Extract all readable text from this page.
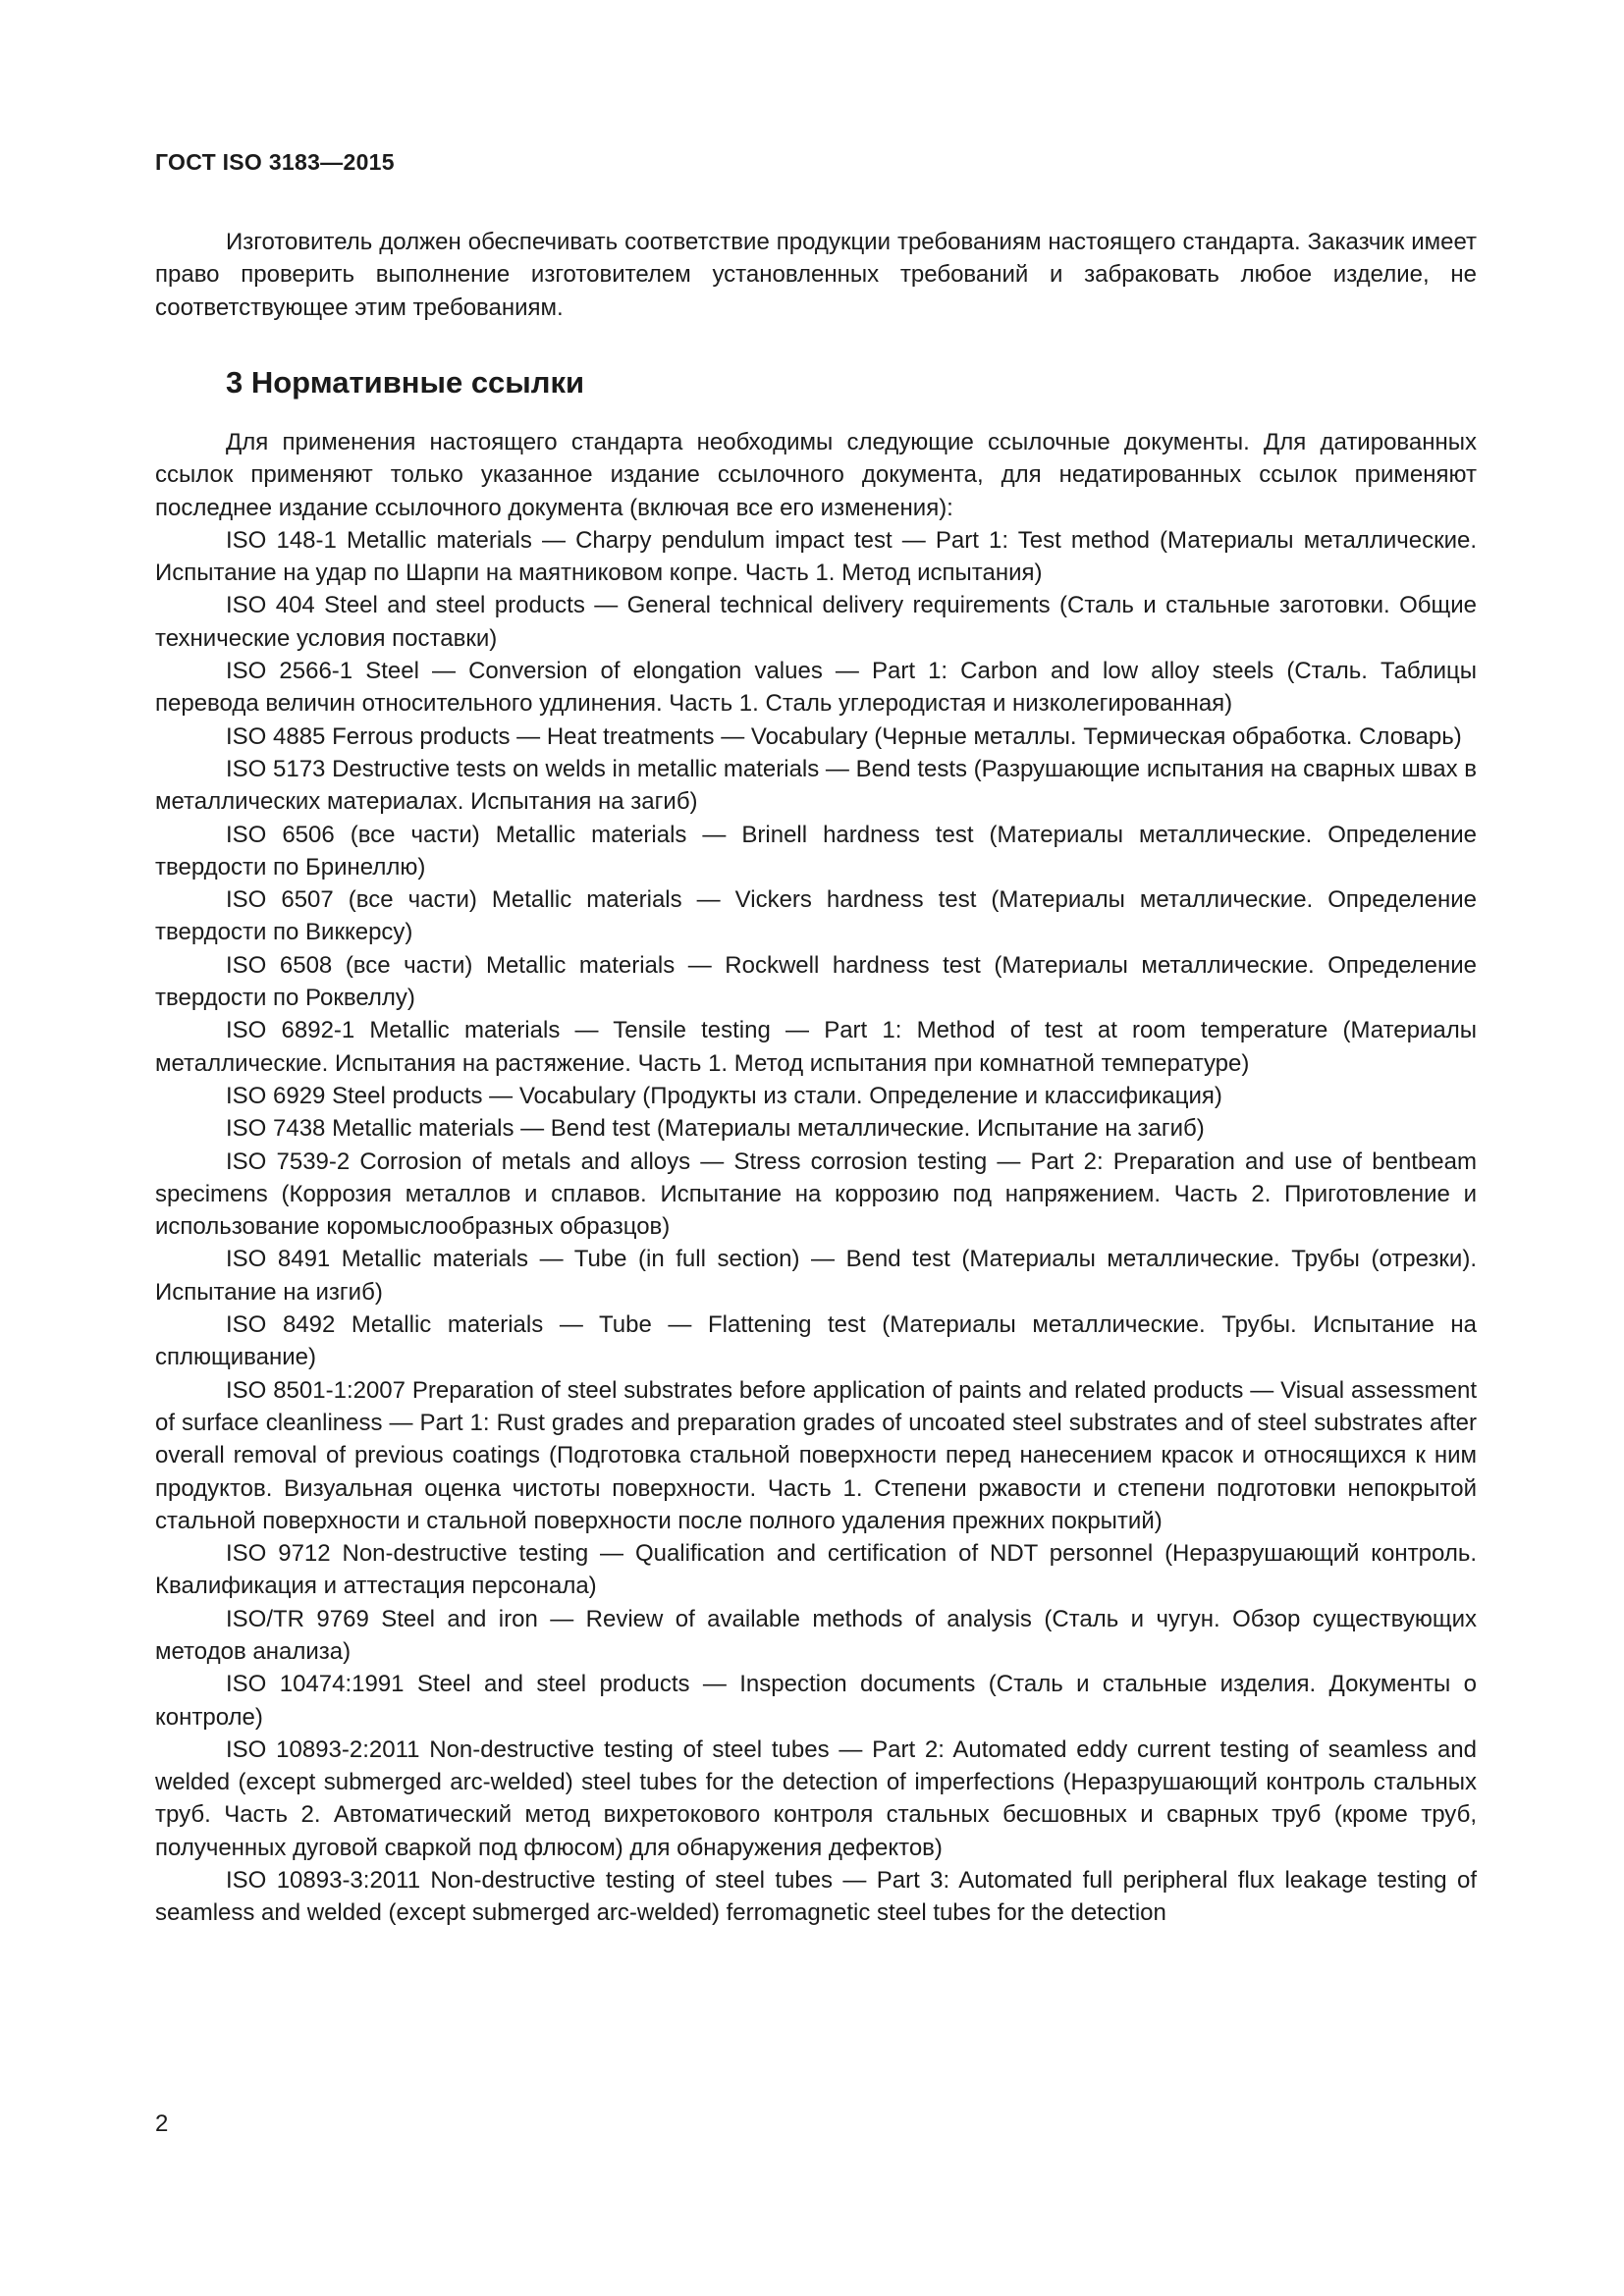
ГОСТ ISO 3183—2015

Изготовитель должен обеспечивать соответствие продукции требованиям настоящего стандарта. Заказчик имеет право проверить выполнение изготовителем установленных требований и забраковать любое изделие, не соответствующее этим требованиям.

3 Нормативные ссылки

Для применения настоящего стандарта необходимы следующие ссылочные документы. Для датированных ссылок применяют только указанное издание ссылочного документа, для недатированных ссылок применяют последнее издание ссылочного документа (включая все его изменения):

ISO 148-1 Metallic materials — Charpy pendulum impact test — Part 1: Test method (Материалы металлические. Испытание на удар по Шарпи на маятниковом копре. Часть 1. Метод испытания)

ISO 404 Steel and steel products — General technical delivery requirements (Сталь и стальные заготовки. Общие технические условия поставки)

ISO 2566-1 Steel — Conversion of elongation values — Part 1: Carbon and low alloy steels (Сталь. Таблицы перевода величин относительного удлинения. Часть 1. Сталь углеродистая и низколегированная)

ISO 4885 Ferrous products — Heat treatments — Vocabulary (Черные металлы. Термическая обработка. Словарь)

ISO 5173 Destructive tests on welds in metallic materials — Bend tests (Разрушающие испытания на сварных швах в металлических материалах. Испытания на загиб)

ISO 6506 (все части) Metallic materials — Brinell hardness test (Материалы металлические. Определение твердости по Бринеллю)

ISO 6507 (все части) Metallic materials — Vickers hardness test (Материалы металлические. Определение твердости по Виккерсу)

ISO 6508 (все части) Metallic materials — Rockwell hardness test (Материалы металлические. Определение твердости по Роквеллу)

ISO 6892-1 Metallic materials — Tensile testing — Part 1: Method of test at room temperature (Материалы металлические. Испытания на растяжение. Часть 1. Метод испытания при комнатной температуре)

ISO 6929 Steel products — Vocabulary (Продукты из стали. Определение и классификация)

ISO 7438 Metallic materials — Bend test (Материалы металлические. Испытание на загиб)

ISO 7539-2 Corrosion of metals and alloys — Stress corrosion testing — Part 2: Preparation and use of bentbeam specimens (Коррозия металлов и сплавов. Испытание на коррозию под напряжением. Часть 2. Приготовление и использование коромыслообразных образцов)

ISO 8491 Metallic materials — Tube (in full section) — Bend test (Материалы металлические. Трубы (отрезки). Испытание на изгиб)

ISO 8492 Metallic materials — Tube — Flattening test (Материалы металлические. Трубы. Испытание на сплющивание)

ISO 8501-1:2007 Preparation of steel substrates before application of paints and related products — Visual assessment of surface cleanliness — Part 1: Rust grades and preparation grades of uncoated steel substrates and of steel substrates after overall removal of previous coatings (Подготовка стальной поверхности перед нанесением красок и относящихся к ним продуктов. Визуальная оценка чистоты поверхности. Часть 1. Степени ржавости и степени подготовки непокрытой стальной поверхности и стальной поверхности после полного удаления прежних покрытий)

ISO 9712 Non-destructive testing — Qualification and certification of NDT personnel (Неразрушающий контроль. Квалификация и аттестация персонала)

ISO/TR 9769 Steel and iron — Review of available methods of analysis (Сталь и чугун. Обзор существующих методов анализа)

ISO 10474:1991 Steel and steel products — Inspection documents (Сталь и стальные изделия. Документы о контроле)

ISO 10893-2:2011 Non-destructive testing of steel tubes — Part 2: Automated eddy current testing of seamless and welded (except submerged arc-welded) steel tubes for the detection of imperfections (Неразрушающий контроль стальных труб. Часть 2. Автоматический метод вихретокового контроля стальных бесшовных и сварных труб (кроме труб, полученных дуговой сваркой под флюсом) для обнаружения дефектов)

ISO 10893-3:2011 Non-destructive testing of steel tubes — Part 3: Automated full peripheral flux leakage testing of seamless and welded (except submerged arc-welded) ferromagnetic steel tubes for the detection

2
